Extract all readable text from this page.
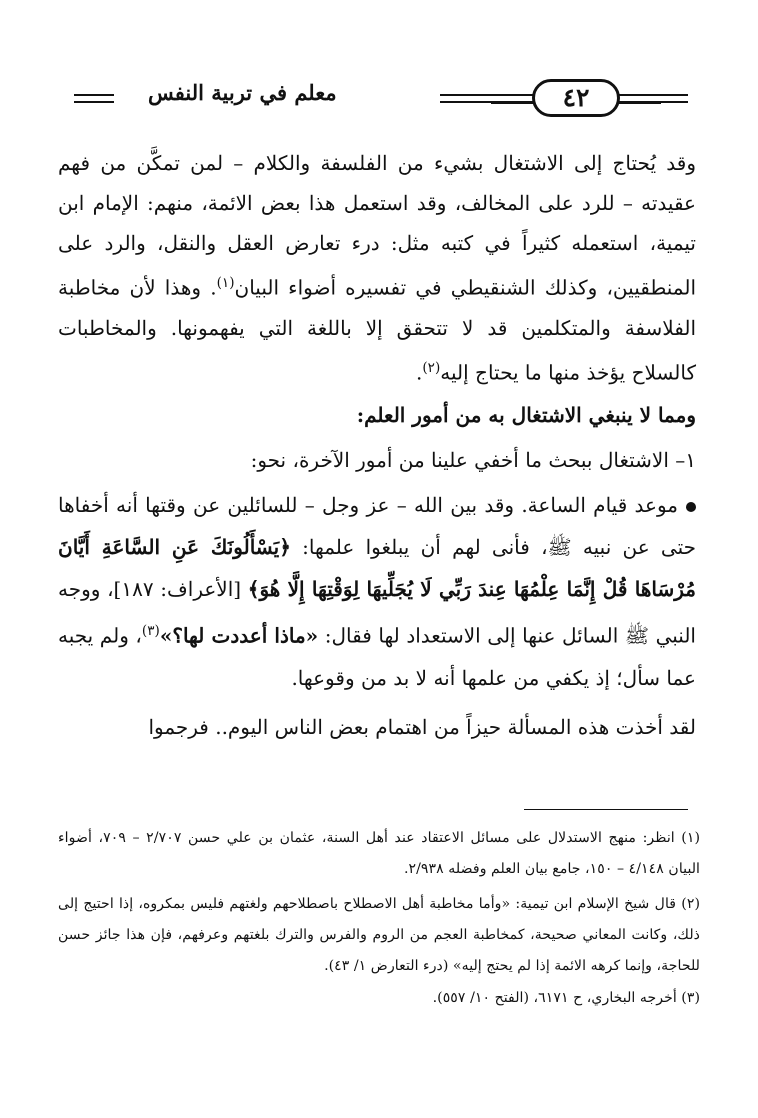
٤٢
معلم في تربية النفس

وقد يُحتاج إلى الاشتغال بشيء من الفلسفة والكلام – لمن تمكَّن من فهم عقيدته – للرد على المخالف، وقد استعمل هذا بعض الائمة، منهم: الإمام ابن تيمية، استعمله كثيراً في كتبه مثل: درء تعارض العقل والنقل، والرد على المنطقيين، وكذلك الشنقيطي في تفسيره أضواء البيان$^{(١)}$. وهذا لأن مخاطبة الفلاسفة والمتكلمين قد لا تتحقق إلا باللغة التي يفهمونها. والمخاطبات كالسلاح يؤخذ منها ما يحتاج إليه$^{(٢)}$.

ومما لا ينبغي الاشتغال به من أمور العلم:

١– الاشتغال ببحث ما أخفي علينا من أمور الآخرة، نحو:

موعد قيام الساعة. وقد بين الله – عز وجل – للسائلين عن وقتها أنه أخفاها حتى عن نبيه ﷺ، فأنى لهم أن يبلغوا علمها: ﴿يَسْأَلُونَكَ عَنِ السَّاعَةِ أَيَّانَ مُرْسَاهَا قُلْ إِنَّمَا عِلْمُهَا عِندَ رَبِّي لَا يُجَلِّيهَا لِوَقْتِهَا إِلَّا هُوَ﴾ [الأعراف: ١٨٧]، ووجه النبي ﷺ السائل عنها إلى الاستعداد لها فقال: «ماذا أعددت لها؟»$^{(٣)}$، ولم يجبه عما سأل؛ إذ يكفي من علمها أنه لا بد من وقوعها.

لقد أخذت هذه المسألة حيزاً من اهتمام بعض الناس اليوم.. فرجموا

(١) انظر: منهج الاستدلال على مسائل الاعتقاد عند أهل السنة، عثمان بن علي حسن ٢/٧٠٧ – ٧٠٩، أضواء البيان ٤/١٤٨ – ١٥٠، جامع بيان العلم وفضله ٢/٩٣٨.

(٢) قال شيخ الإسلام ابن تيمية: «وأما مخاطبة أهل الاصطلاح باصطلاحهم ولغتهم فليس بمكروه، إذا احتيج إلى ذلك، وكانت المعاني صحيحة، كمخاطبة العجم من الروم والفرس والترك بلغتهم وعرفهم، فإن هذا جائز حسن للحاجة، وإنما كرهه الائمة إذا لم يحتج إليه» (درء التعارض ١/ ٤٣).

(٣) أخرجه البخاري، ح ٦١٧١، (الفتح ١٠/ ٥٥٧).
